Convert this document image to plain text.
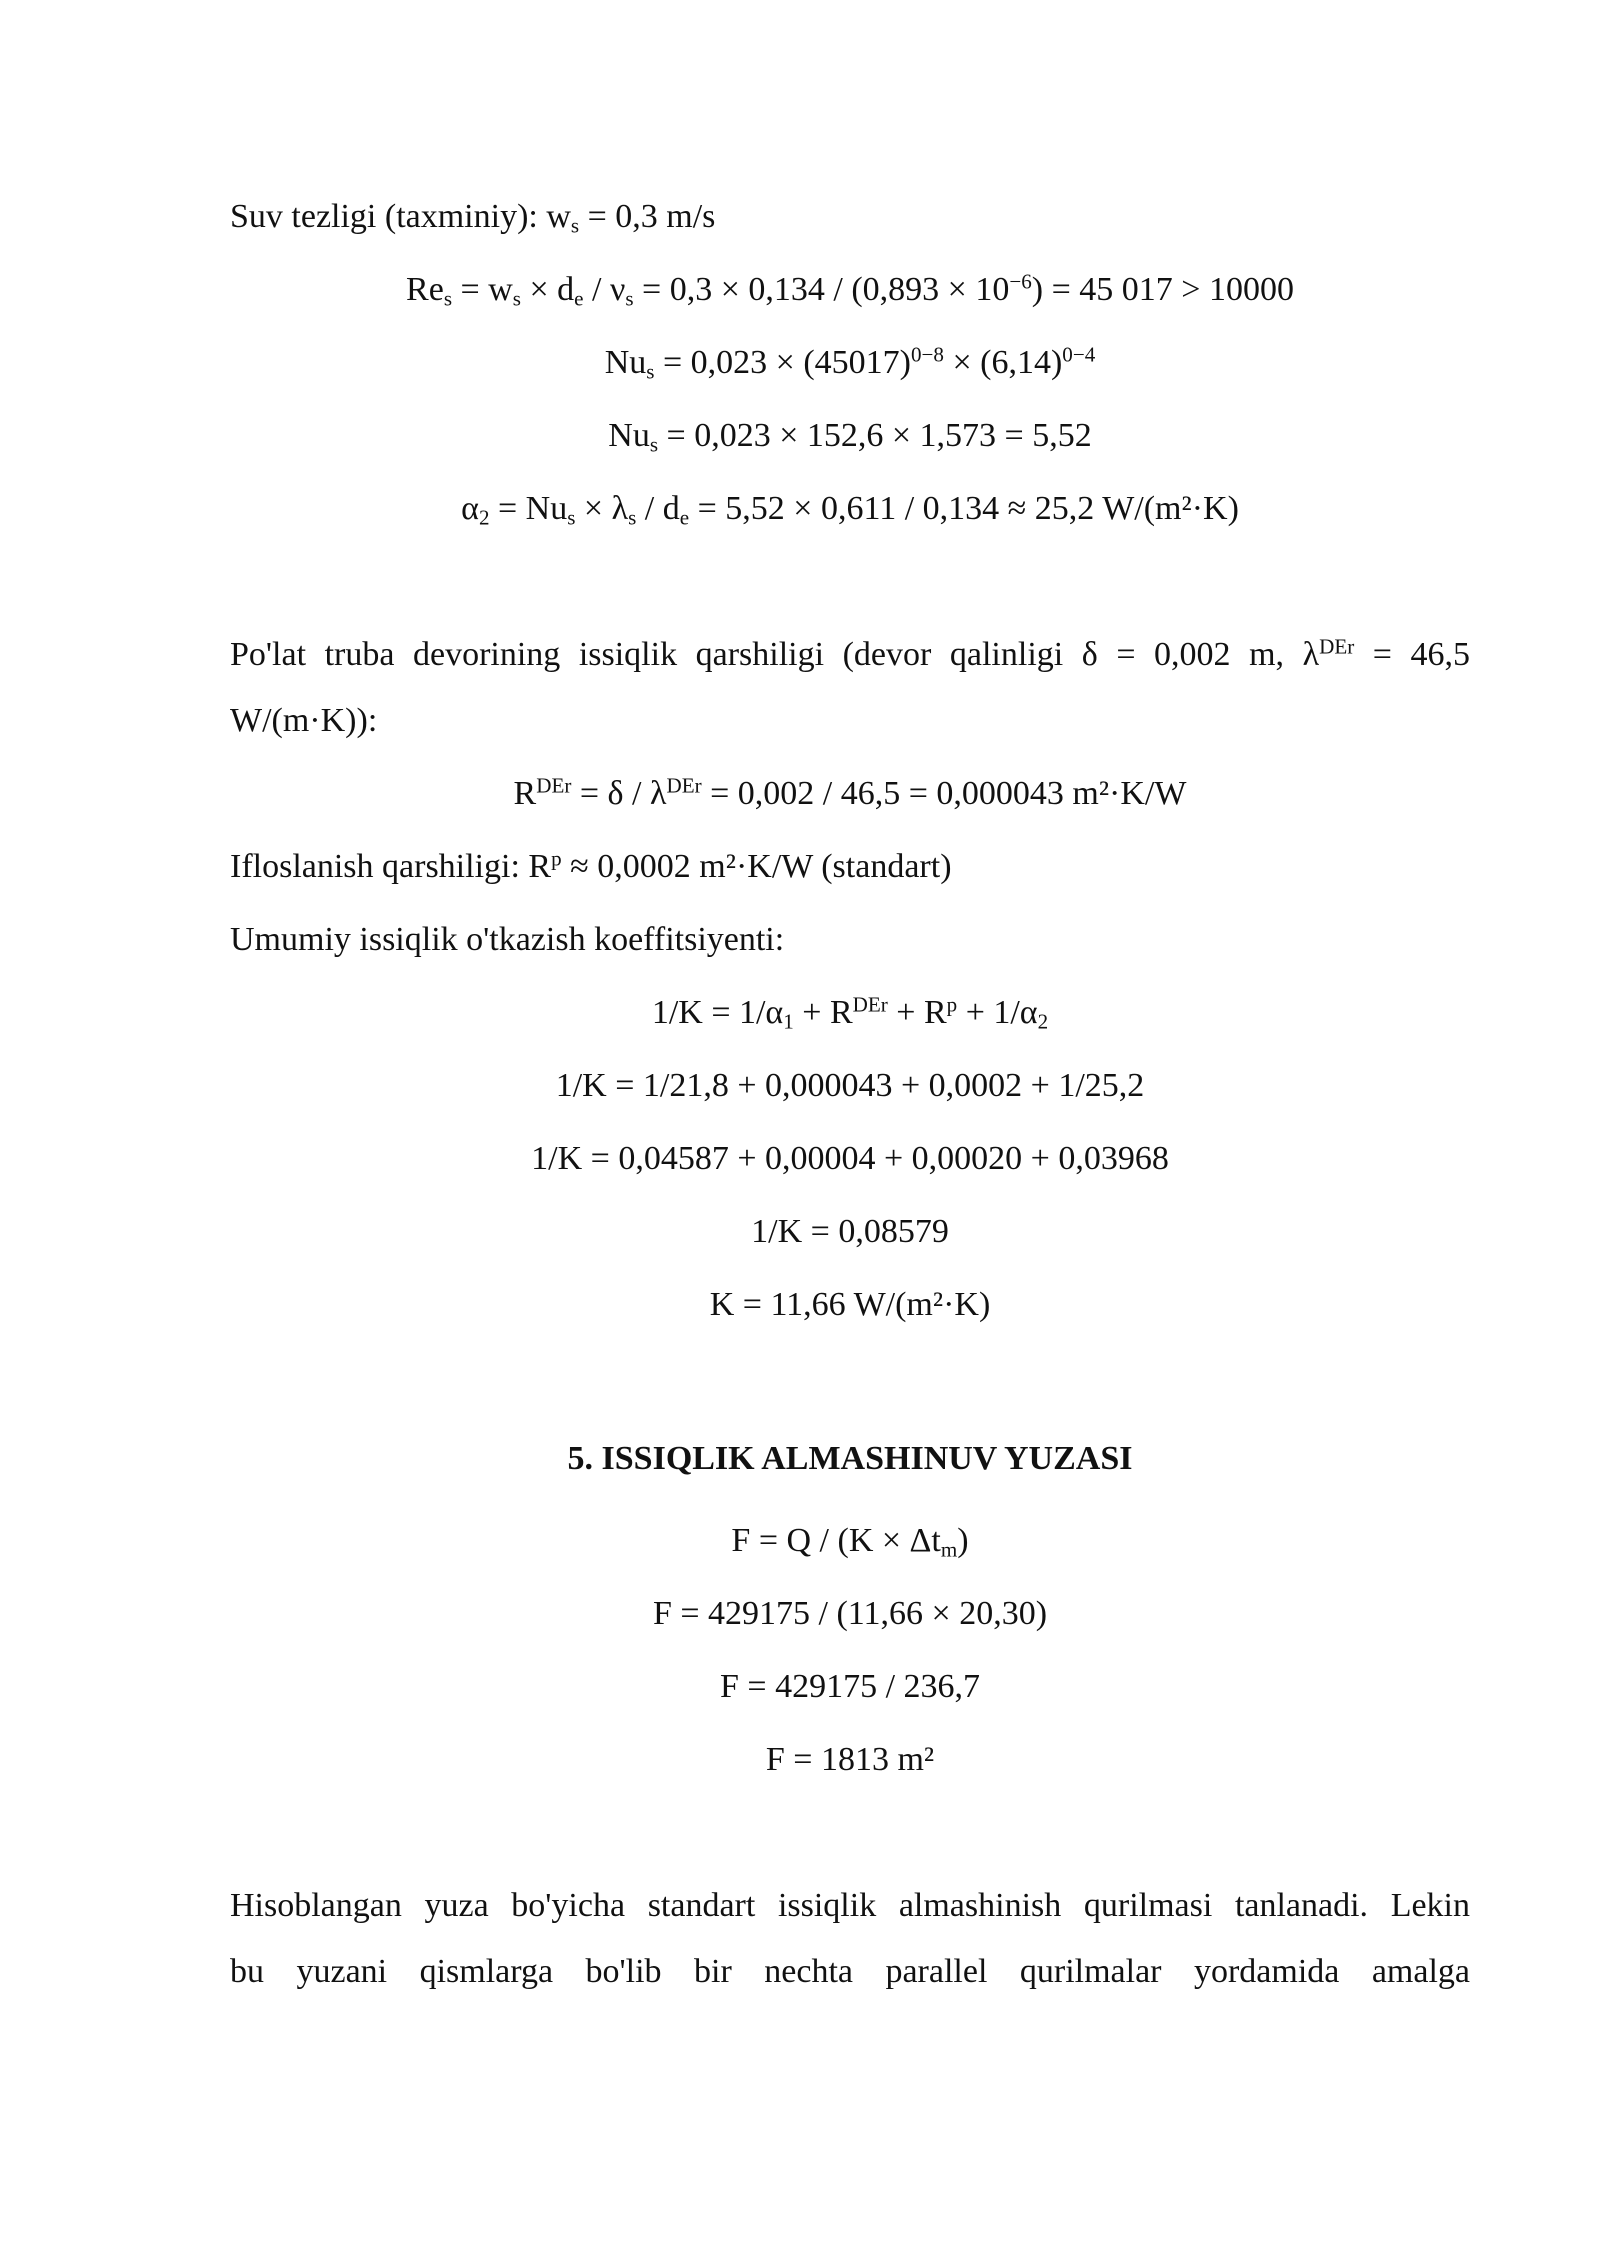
Suv tezligi (taxminiy): $w_s = 0,3$ m/s
$Re_s = w_s \times d_e / \nu_s = 0,3 \times 0,134 / (0,893 \times 10^{-6}) = 45$ 017 > 10000
$Nu_s = 0,023 \times (45017)^{0-8} \times (6,14)^{0-4}$
$Nu_s = 0,023 \times 152,6 \times 1,573 = 5,52$
$\alpha_2 = Nu_s \times \lambda_s / d_e = 5,52 \times 0,611 / 0,134 \approx 25,2$ W/(m²·K)
Po'lat truba devorining issiqlik qarshiligi (devor qalinligi δ = 0,002 m, $\lambda^{DEr} = 46,5$
W/(m·K)):
$R^{DEr} = \delta / \lambda^{DEr} = 0,002 / 46,5 = 0,000043$ m²·K/W
Ifloslanish qarshiligi: $R^p \approx 0,0002$ m²·K/W (standart)
Umumiy issiqlik o'tkazish koeffitsiyenti:
$1/K = 1/\alpha_1 + R^{DEr} + R^p + 1/\alpha_2$
1/K = 1/21,8 + 0,000043 + 0,0002 + 1/25,2
1/K = 0,04587 + 0,00004 + 0,00020 + 0,03968
1/K = 0,08579
K = 11,66 W/(m²·K)
5. ISSIQLIK ALMASHINUV YUZASI
$F = Q / (K \times \Delta t_m)$
F = 429175 / (11,66 × 20,30)
F = 429175 / 236,7
F = 1813 m²
Hisoblangan yuza bo'yicha standart issiqlik almashinish qurilmasi tanlanadi. Lekin
bu yuzani qismlarga bo'lib bir nechta parallel qurilmalar yordamida amalga
